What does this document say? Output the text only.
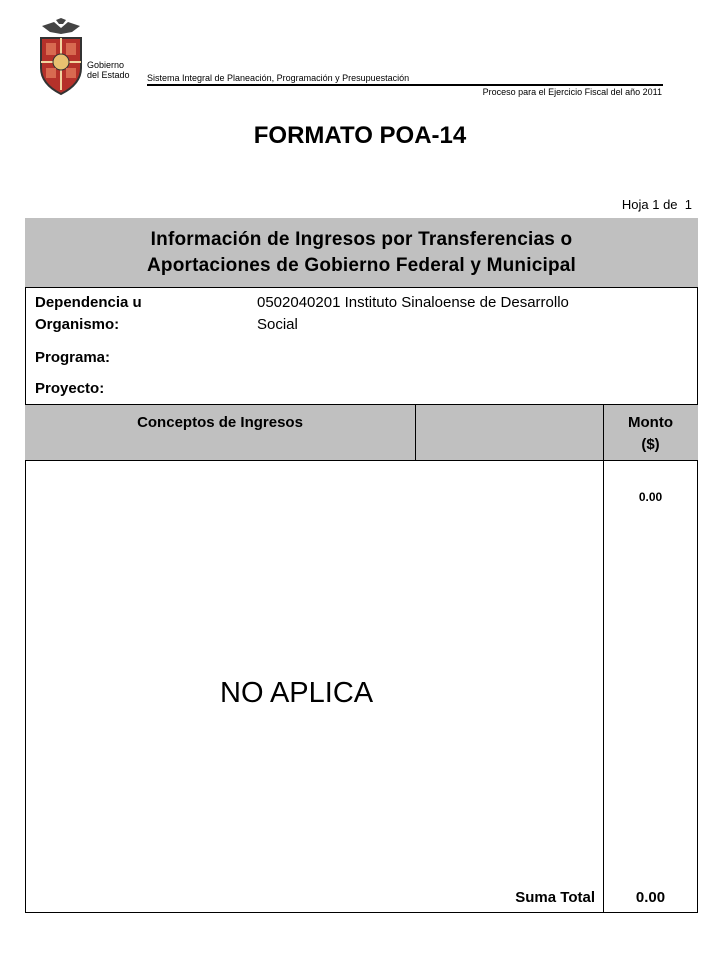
Gobierno
del Estado Sistema Integral de Planeación, Programación y Presupuestación
Proceso para el Ejercicio Fiscal del año 2011
FORMATO POA-14
Hoja 1 de 1
Información de Ingresos por Transferencias o
Aportaciones de Gobierno Federal y Municipal
Dependencia u
Organismo:
0502040201 Instituto Sinaloense de Desarrollo
Social
Programa:
Proyecto:
Conceptos de Ingresos	Monto
($)
0.00
NO APLICA
Suma Total	0.00
